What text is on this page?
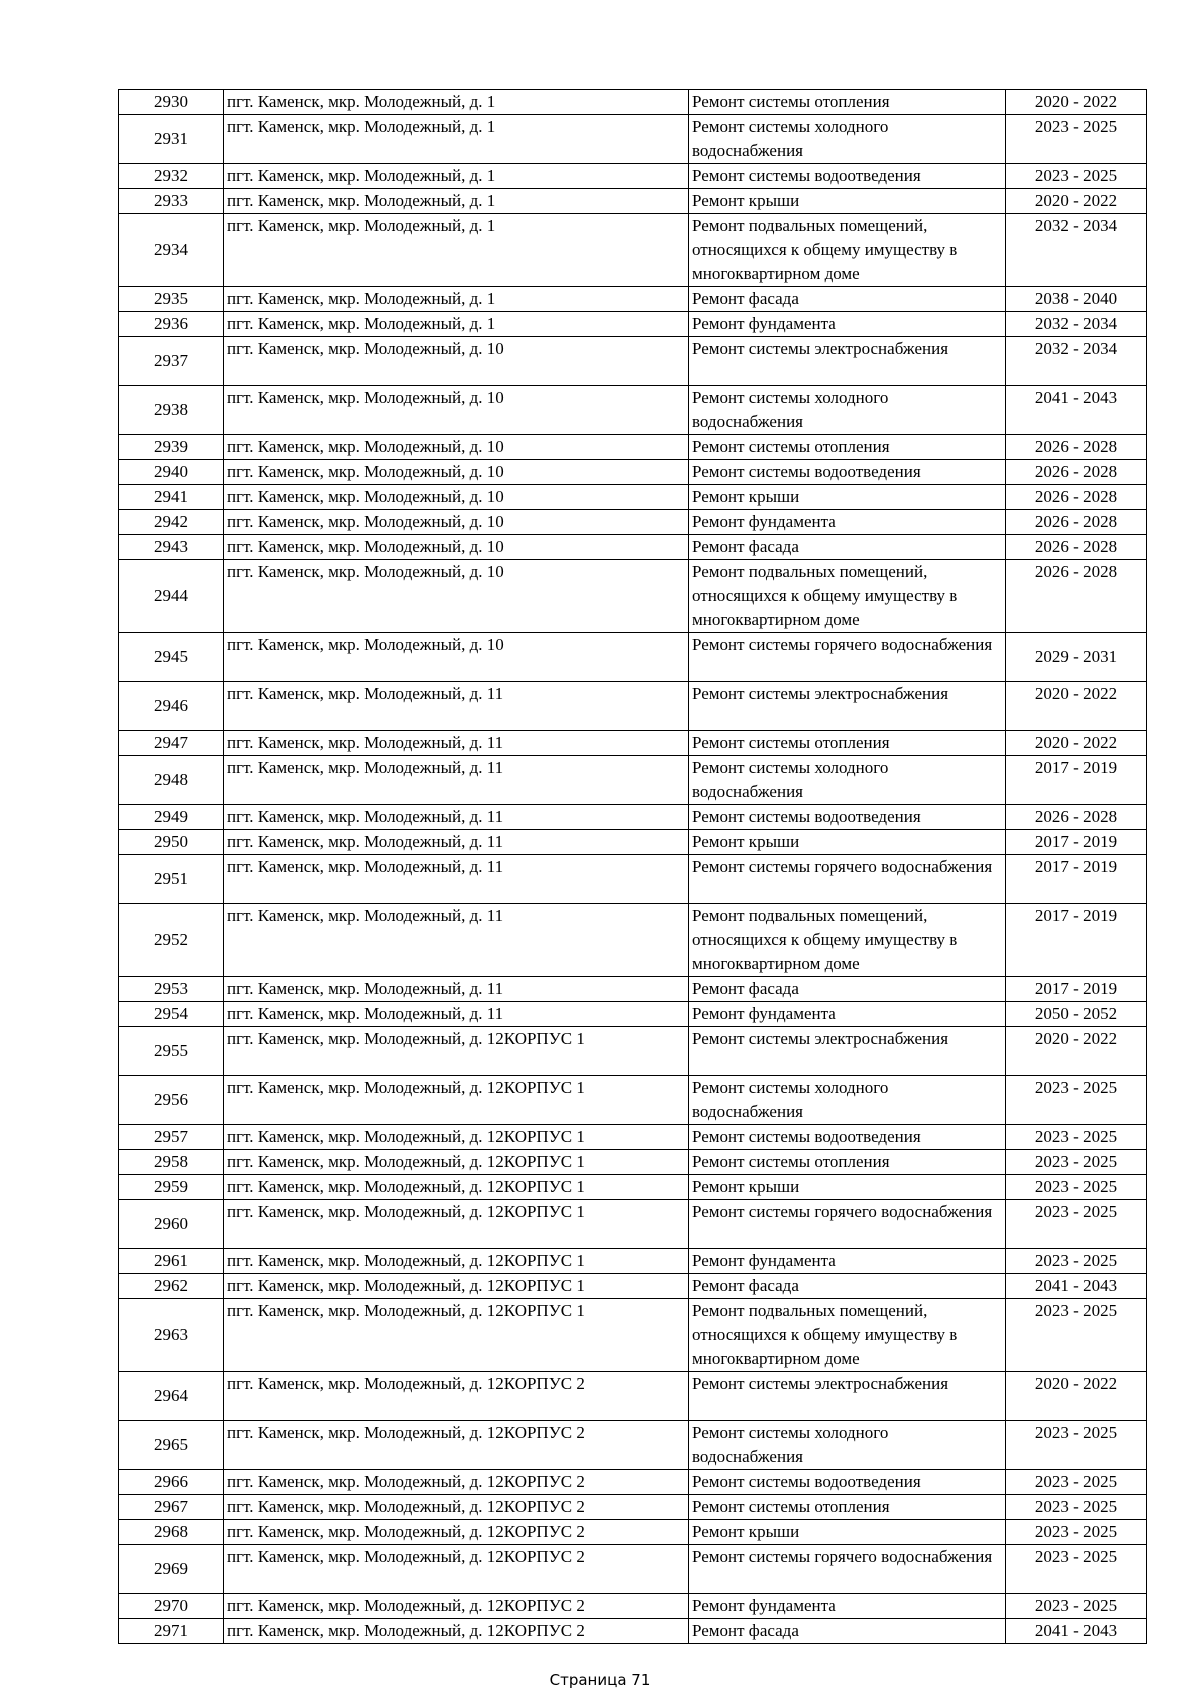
2930	пгт. Каменск, мкр. Молодежный, д. 1	Ремонт системы отопления	2020 - 2022
2931	пгт. Каменск, мкр. Молодежный, д. 1	Ремонт системы холодного водоснабжения	2023 - 2025
2932	пгт. Каменск, мкр. Молодежный, д. 1	Ремонт системы водоотведения	2023 - 2025
2933	пгт. Каменск, мкр. Молодежный, д. 1	Ремонт крыши	2020 - 2022
2934	пгт. Каменск, мкр. Молодежный, д. 1	Ремонт подвальных помещений, относящихся к общему имуществу в многоквартирном доме	2032 - 2034
2935	пгт. Каменск, мкр. Молодежный, д. 1	Ремонт фасада	2038 - 2040
2936	пгт. Каменск, мкр. Молодежный, д. 1	Ремонт фундамента	2032 - 2034
2937	пгт. Каменск, мкр. Молодежный, д. 10	Ремонт системы электроснабжения	2032 - 2034
2938	пгт. Каменск, мкр. Молодежный, д. 10	Ремонт системы холодного водоснабжения	2041 - 2043
2939	пгт. Каменск, мкр. Молодежный, д. 10	Ремонт системы отопления	2026 - 2028
2940	пгт. Каменск, мкр. Молодежный, д. 10	Ремонт системы водоотведения	2026 - 2028
2941	пгт. Каменск, мкр. Молодежный, д. 10	Ремонт крыши	2026 - 2028
2942	пгт. Каменск, мкр. Молодежный, д. 10	Ремонт фундамента	2026 - 2028
2943	пгт. Каменск, мкр. Молодежный, д. 10	Ремонт фасада	2026 - 2028
2944	пгт. Каменск, мкр. Молодежный, д. 10	Ремонт подвальных помещений, относящихся к общему имуществу в многоквартирном доме	2026 - 2028
2945	пгт. Каменск, мкр. Молодежный, д. 10	Ремонт системы горячего водоснабжения	2029 - 2031
2946	пгт. Каменск, мкр. Молодежный, д. 11	Ремонт системы электроснабжения	2020 - 2022
2947	пгт. Каменск, мкр. Молодежный, д. 11	Ремонт системы отопления	2020 - 2022
2948	пгт. Каменск, мкр. Молодежный, д. 11	Ремонт системы холодного водоснабжения	2017 - 2019
2949	пгт. Каменск, мкр. Молодежный, д. 11	Ремонт системы водоотведения	2026 - 2028
2950	пгт. Каменск, мкр. Молодежный, д. 11	Ремонт крыши	2017 - 2019
2951	пгт. Каменск, мкр. Молодежный, д. 11	Ремонт системы горячего водоснабжения	2017 - 2019
2952	пгт. Каменск, мкр. Молодежный, д. 11	Ремонт подвальных помещений, относящихся к общему имуществу в многоквартирном доме	2017 - 2019
2953	пгт. Каменск, мкр. Молодежный, д. 11	Ремонт фасада	2017 - 2019
2954	пгт. Каменск, мкр. Молодежный, д. 11	Ремонт фундамента	2050 - 2052
2955	пгт. Каменск, мкр. Молодежный, д. 12КОРПУС 1	Ремонт системы электроснабжения	2020 - 2022
2956	пгт. Каменск, мкр. Молодежный, д. 12КОРПУС 1	Ремонт системы холодного водоснабжения	2023 - 2025
2957	пгт. Каменск, мкр. Молодежный, д. 12КОРПУС 1	Ремонт системы водоотведения	2023 - 2025
2958	пгт. Каменск, мкр. Молодежный, д. 12КОРПУС 1	Ремонт системы отопления	2023 - 2025
2959	пгт. Каменск, мкр. Молодежный, д. 12КОРПУС 1	Ремонт крыши	2023 - 2025
2960	пгт. Каменск, мкр. Молодежный, д. 12КОРПУС 1	Ремонт системы горячего водоснабжения	2023 - 2025
2961	пгт. Каменск, мкр. Молодежный, д. 12КОРПУС 1	Ремонт фундамента	2023 - 2025
2962	пгт. Каменск, мкр. Молодежный, д. 12КОРПУС 1	Ремонт фасада	2041 - 2043
2963	пгт. Каменск, мкр. Молодежный, д. 12КОРПУС 1	Ремонт подвальных помещений, относящихся к общему имуществу в многоквартирном доме	2023 - 2025
2964	пгт. Каменск, мкр. Молодежный, д. 12КОРПУС 2	Ремонт системы электроснабжения	2020 - 2022
2965	пгт. Каменск, мкр. Молодежный, д. 12КОРПУС 2	Ремонт системы холодного водоснабжения	2023 - 2025
2966	пгт. Каменск, мкр. Молодежный, д. 12КОРПУС 2	Ремонт системы водоотведения	2023 - 2025
2967	пгт. Каменск, мкр. Молодежный, д. 12КОРПУС 2	Ремонт системы отопления	2023 - 2025
2968	пгт. Каменск, мкр. Молодежный, д. 12КОРПУС 2	Ремонт крыши	2023 - 2025
2969	пгт. Каменск, мкр. Молодежный, д. 12КОРПУС 2	Ремонт системы горячего водоснабжения	2023 - 2025
2970	пгт. Каменск, мкр. Молодежный, д. 12КОРПУС 2	Ремонт фундамента	2023 - 2025
2971	пгт. Каменск, мкр. Молодежный, д. 12КОРПУС 2	Ремонт фасада	2041 - 2043
Страница 71
